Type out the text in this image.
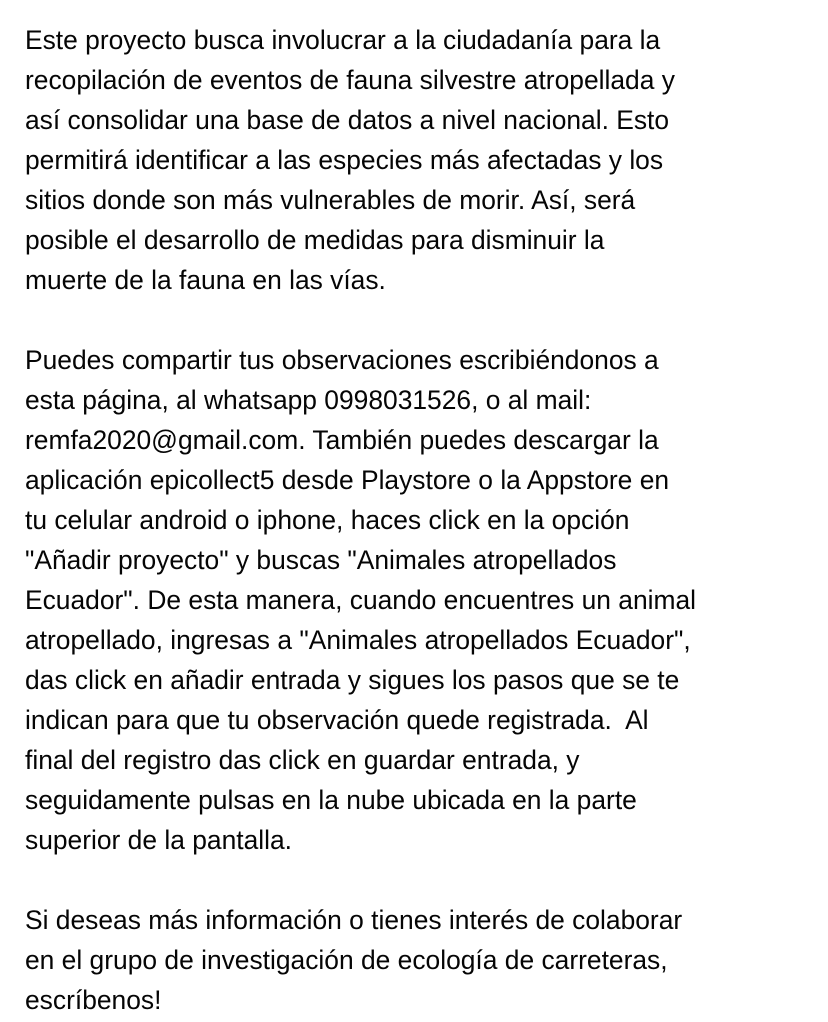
Este proyecto busca involucrar a la ciudadanía para la
recopilación de eventos de fauna silvestre atropellada y
así consolidar una base de datos a nivel nacional. Esto
permitirá identificar a las especies más afectadas y los
sitios donde son más vulnerables de morir. Así, será
posible el desarrollo de medidas para disminuir la
muerte de la fauna en las vías.

Puedes compartir tus observaciones escribiéndonos a
esta página, al whatsapp 0998031526, o al mail:
remfa2020@gmail.com. También puedes descargar la
aplicación epicollect5 desde Playstore o la Appstore en
tu celular android o iphone, haces click en la opción
"Añadir proyecto" y buscas "Animales atropellados
Ecuador". De esta manera, cuando encuentres un animal
atropellado, ingresas a "Animales atropellados Ecuador",
das click en añadir entrada y sigues los pasos que se te
indican para que tu observación quede registrada.  Al
final del registro das click en guardar entrada, y
seguidamente pulsas en la nube ubicada en la parte
superior de la pantalla.

Si deseas más información o tienes interés de colaborar
en el grupo de investigación de ecología de carreteras,
escríbenos!
